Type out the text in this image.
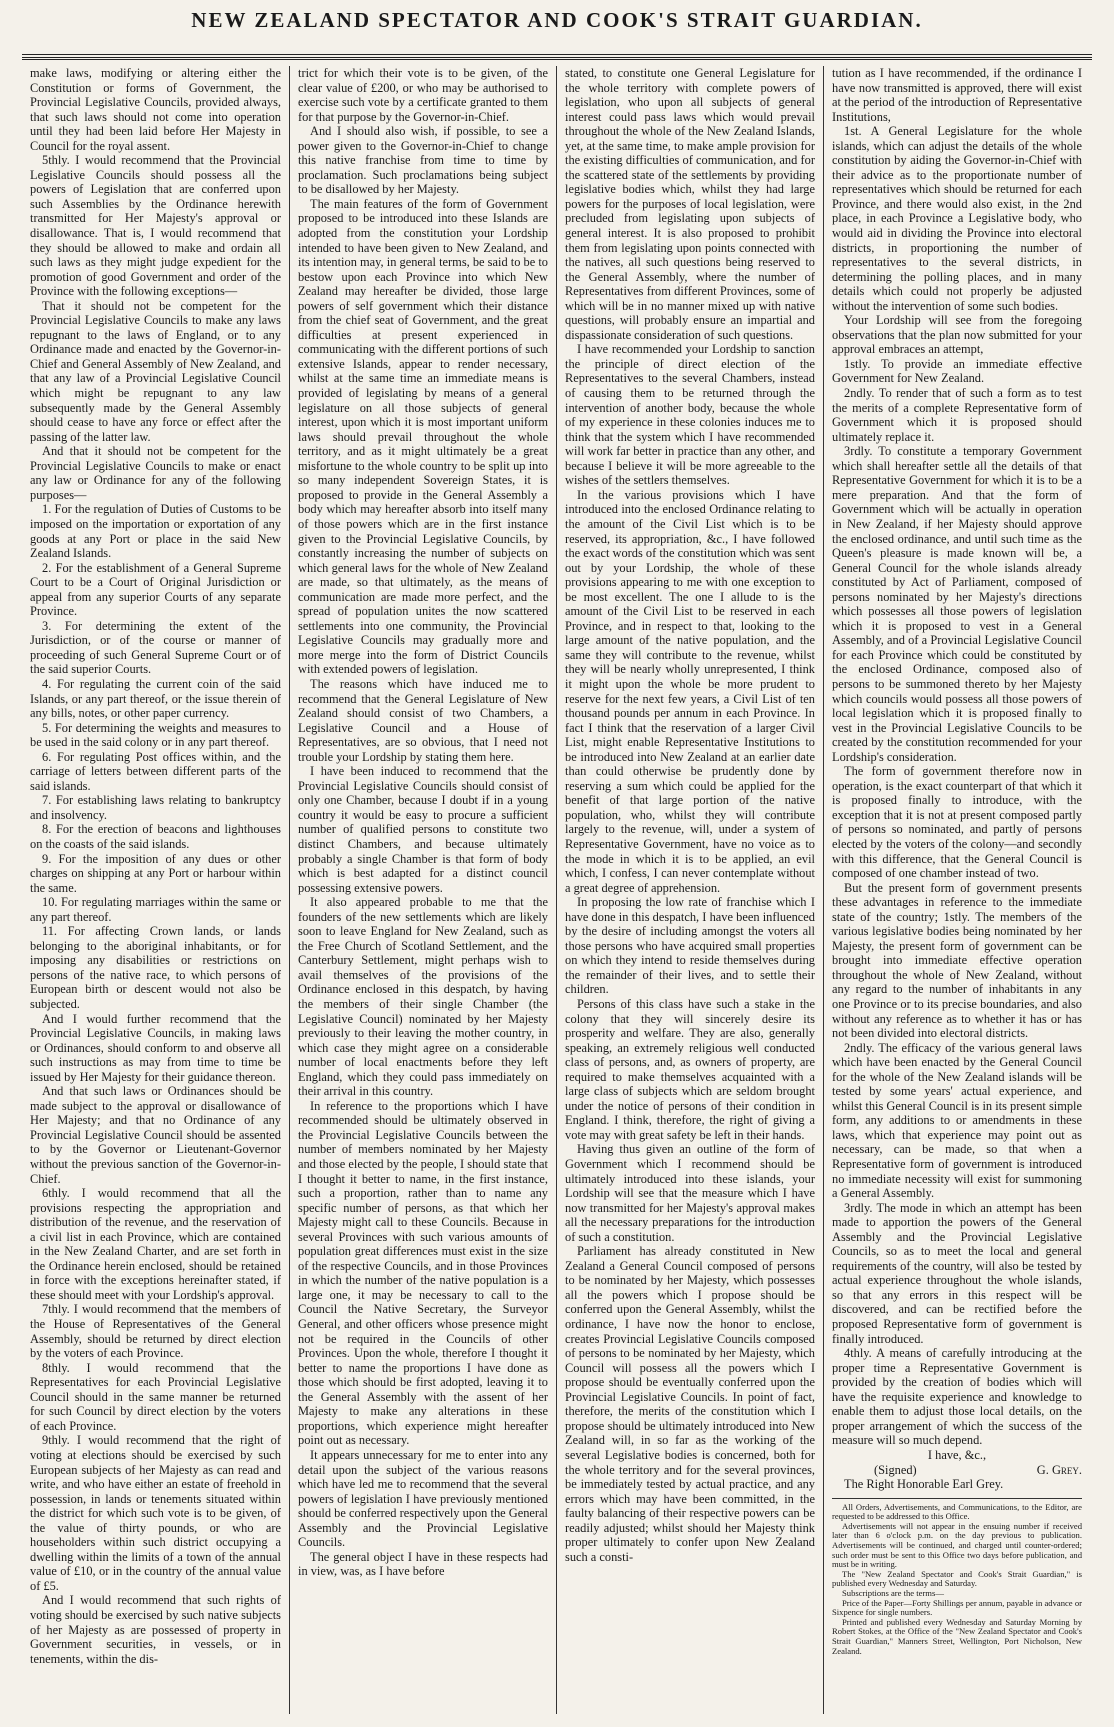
NEW ZEALAND SPECTATOR AND COOK'S STRAIT GUARDIAN.

make laws, modifying or altering either the Constitution or forms of Government, the Provincial Legislative Councils, provided always, that such laws should not come into operation until they had been laid before Her Majesty in Council for the royal assent.

5thly. I would recommend that the Provincial Legislative Councils should possess all the powers of Legislation that are conferred upon such Assemblies by the Ordinance herewith transmitted for Her Majesty's approval or disallowance. That is, I would recommend that they should be allowed to make and ordain all such laws as they might judge expedient for the promotion of good Government and order of the Province with the following exceptions—

That it should not be competent for the Provincial Legislative Councils to make any laws repugnant to the laws of England, or to any Ordinance made and enacted by the Governor-in-Chief and General Assembly of New Zealand, and that any law of a Provincial Legislative Council which might be repugnant to any law subsequently made by the General Assembly should cease to have any force or effect after the passing of the latter law.

And that it should not be competent for the Provincial Legislative Councils to make or enact any law or Ordinance for any of the following purposes—

1. For the regulation of Duties of Customs to be imposed on the importation or exportation of any goods at any Port or place in the said New Zealand Islands.

2. For the establishment of a General Supreme Court to be a Court of Original Jurisdiction or appeal from any superior Courts of any separate Province.

3. For determining the extent of the Jurisdiction, or of the course or manner of proceeding of such General Supreme Court or of the said superior Courts.

4. For regulating the current coin of the said Islands, or any part thereof, or the issue therein of any bills, notes, or other paper currency.

5. For determining the weights and measures to be used in the said colony or in any part thereof.

6. For regulating Post offices within, and the carriage of letters between different parts of the said islands.

7. For establishing laws relating to bankruptcy and insolvency.

8. For the erection of beacons and lighthouses on the coasts of the said islands.

9. For the imposition of any dues or other charges on shipping at any Port or harbour within the same.

10. For regulating marriages within the same or any part thereof.

11. For affecting Crown lands, or lands belonging to the aboriginal inhabitants, or for imposing any disabilities or restrictions on persons of the native race, to which persons of European birth or descent would not also be subjected.

And I would further recommend that the Provincial Legislative Councils, in making laws or Ordinances, should conform to and observe all such instructions as may from time to time be issued by Her Majesty for their guidance thereon.

And that such laws or Ordinances should be made subject to the approval or disallowance of Her Majesty; and that no Ordinance of any Provincial Legislative Council should be assented to by the Governor or Lieutenant-Governor without the previous sanction of the Governor-in-Chief.

6thly. I would recommend that all the provisions respecting the appropriation and distribution of the revenue, and the reservation of a civil list in each Province, which are contained in the New Zealand Charter, and are set forth in the Ordinance herein enclosed, should be retained in force with the exceptions hereinafter stated, if these should meet with your Lordship's approval.

7thly. I would recommend that the members of the House of Representatives of the General Assembly, should be returned by direct election by the voters of each Province.

8thly. I would recommend that the Representatives for each Provincial Legislative Council should in the same manner be returned for such Council by direct election by the voters of each Province.

9thly. I would recommend that the right of voting at elections should be exercised by such European subjects of her Majesty as can read and write, and who have either an estate of freehold in possession, in lands or tenements situated within the district for which such vote is to be given, of the value of thirty pounds, or who are householders within such district occupying a dwelling within the limits of a town of the annual value of £10, or in the country of the annual value of £5.

And I would recommend that such rights of voting should be exercised by such native subjects of her Majesty as are possessed of property in Government securities, in vessels, or in tenements, within the dis-

trict for which their vote is to be given, of the clear value of £200, or who may be authorised to exercise such vote by a certificate granted to them for that purpose by the Governor-in-Chief.

And I should also wish, if possible, to see a power given to the Governor-in-Chief to change this native franchise from time to time by proclamation. Such proclamations being subject to be disallowed by her Majesty.

The main features of the form of Government proposed to be introduced into these Islands are adopted from the constitution your Lordship intended to have been given to New Zealand, and its intention may, in general terms, be said to be to bestow upon each Province into which New Zealand may hereafter be divided, those large powers of self government which their distance from the chief seat of Government, and the great difficulties at present experienced in communicating with the different portions of such extensive Islands, appear to render necessary, whilst at the same time an immediate means is provided of legislating by means of a general legislature on all those subjects of general interest, upon which it is most important uniform laws should prevail throughout the whole territory, and as it might ultimately be a great misfortune to the whole country to be split up into so many independent Sovereign States, it is proposed to provide in the General Assembly a body which may hereafter absorb into itself many of those powers which are in the first instance given to the Provincial Legislative Councils, by constantly increasing the number of subjects on which general laws for the whole of New Zealand are made, so that ultimately, as the means of communication are made more perfect, and the spread of population unites the now scattered settlements into one community, the Provincial Legislative Councils may gradually more and more merge into the form of District Councils with extended powers of legislation.

The reasons which have induced me to recommend that the General Legislature of New Zealand should consist of two Chambers, a Legislative Council and a House of Representatives, are so obvious, that I need not trouble your Lordship by stating them here.

I have been induced to recommend that the Provincial Legislative Councils should consist of only one Chamber, because I doubt if in a young country it would be easy to procure a sufficient number of qualified persons to constitute two distinct Chambers, and because ultimately probably a single Chamber is that form of body which is best adapted for a distinct council possessing extensive powers.

It also appeared probable to me that the founders of the new settlements which are likely soon to leave England for New Zealand, such as the Free Church of Scotland Settlement, and the Canterbury Settlement, might perhaps wish to avail themselves of the provisions of the Ordinance enclosed in this despatch, by having the members of their single Chamber (the Legislative Council) nominated by her Majesty previously to their leaving the mother country, in which case they might agree on a considerable number of local enactments before they left England, which they could pass immediately on their arrival in this country.

In reference to the proportions which I have recommended should be ultimately observed in the Provincial Legislative Councils between the number of members nominated by her Majesty and those elected by the people, I should state that I thought it better to name, in the first instance, such a proportion, rather than to name any specific number of persons, as that which her Majesty might call to these Councils. Because in several Provinces with such various amounts of population great differences must exist in the size of the respective Councils, and in those Provinces in which the number of the native population is a large one, it may be necessary to call to the Council the Native Secretary, the Surveyor General, and other officers whose presence might not be required in the Councils of other Provinces. Upon the whole, therefore I thought it better to name the proportions I have done as those which should be first adopted, leaving it to the General Assembly with the assent of her Majesty to make any alterations in these proportions, which experience might hereafter point out as necessary.

It appears unnecessary for me to enter into any detail upon the subject of the various reasons which have led me to recommend that the several powers of legislation I have previously mentioned should be conferred respectively upon the General Assembly and the Provincial Legislative Councils.

The general object I have in these respects had in view, was, as I have before

stated, to constitute one General Legislature for the whole territory with complete powers of legislation, who upon all subjects of general interest could pass laws which would prevail throughout the whole of the New Zealand Islands, yet, at the same time, to make ample provision for the existing difficulties of communication, and for the scattered state of the settlements by providing legislative bodies which, whilst they had large powers for the purposes of local legislation, were precluded from legislating upon subjects of general interest. It is also proposed to prohibit them from legislating upon points connected with the natives, all such questions being reserved to the General Assembly, where the number of Representatives from different Provinces, some of which will be in no manner mixed up with native questions, will probably ensure an impartial and dispassionate consideration of such questions.

I have recommended your Lordship to sanction the principle of direct election of the Representatives to the several Chambers, instead of causing them to be returned through the intervention of another body, because the whole of my experience in these colonies induces me to think that the system which I have recommended will work far better in practice than any other, and because I believe it will be more agreeable to the wishes of the settlers themselves.

In the various provisions which I have introduced into the enclosed Ordinance relating to the amount of the Civil List which is to be reserved, its appropriation, &c., I have followed the exact words of the constitution which was sent out by your Lordship, the whole of these provisions appearing to me with one exception to be most excellent. The one I allude to is the amount of the Civil List to be reserved in each Province, and in respect to that, looking to the large amount of the native population, and the same they will contribute to the revenue, whilst they will be nearly wholly unrepresented, I think it might upon the whole be more prudent to reserve for the next few years, a Civil List of ten thousand pounds per annum in each Province. In fact I think that the reservation of a larger Civil List, might enable Representative Institutions to be introduced into New Zealand at an earlier date than could otherwise be prudently done by reserving a sum which could be applied for the benefit of that large portion of the native population, who, whilst they will contribute largely to the revenue, will, under a system of Representative Government, have no voice as to the mode in which it is to be applied, an evil which, I confess, I can never contemplate without a great degree of apprehension.

In proposing the low rate of franchise which I have done in this despatch, I have been influenced by the desire of including amongst the voters all those persons who have acquired small properties on which they intend to reside themselves during the remainder of their lives, and to settle their children.

Persons of this class have such a stake in the colony that they will sincerely desire its prosperity and welfare. They are also, generally speaking, an extremely religious well conducted class of persons, and, as owners of property, are required to make themselves acquainted with a large class of subjects which are seldom brought under the notice of persons of their condition in England. I think, therefore, the right of giving a vote may with great safety be left in their hands.

Having thus given an outline of the form of Government which I recommend should be ultimately introduced into these islands, your Lordship will see that the measure which I have now transmitted for her Majesty's approval makes all the necessary preparations for the introduction of such a constitution.

Parliament has already constituted in New Zealand a General Council composed of persons to be nominated by her Majesty, which possesses all the powers which I propose should be conferred upon the General Assembly, whilst the ordinance, I have now the honor to enclose, creates Provincial Legislative Councils composed of persons to be nominated by her Majesty, which Council will possess all the powers which I propose should be eventually conferred upon the Provincial Legislative Councils. In point of fact, therefore, the merits of the constitution which I propose should be ultimately introduced into New Zealand will, in so far as the working of the several Legislative bodies is concerned, both for the whole territory and for the several provinces, be immediately tested by actual practice, and any errors which may have been committed, in the faulty balancing of their respective powers can be readily adjusted; whilst should her Majesty think proper ultimately to confer upon New Zealand such a consti-

tution as I have recommended, if the ordinance I have now transmitted is approved, there will exist at the period of the introduction of Representative Institutions,

1st. A General Legislature for the whole islands, which can adjust the details of the whole constitution by aiding the Governor-in-Chief with their advice as to the proportionate number of representatives which should be returned for each Province, and there would also exist, in the 2nd place, in each Province a Legislative body, who would aid in dividing the Province into electoral districts, in proportioning the number of representatives to the several districts, in determining the polling places, and in many details which could not properly be adjusted without the intervention of some such bodies.

Your Lordship will see from the foregoing observations that the plan now submitted for your approval embraces an attempt,

1stly. To provide an immediate effective Government for New Zealand.

2ndly. To render that of such a form as to test the merits of a complete Representative form of Government which it is proposed should ultimately replace it.

3rdly. To constitute a temporary Government which shall hereafter settle all the details of that Representative Government for which it is to be a mere preparation. And that the form of Government which will be actually in operation in New Zealand, if her Majesty should approve the enclosed ordinance, and until such time as the Queen's pleasure is made known will be, a General Council for the whole islands already constituted by Act of Parliament, composed of persons nominated by her Majesty's directions which possesses all those powers of legislation which it is proposed to vest in a General Assembly, and of a Provincial Legislative Council for each Province which could be constituted by the enclosed Ordinance, composed also of persons to be summoned thereto by her Majesty which councils would possess all those powers of local legislation which it is proposed finally to vest in the Provincial Legislative Councils to be created by the constitution recommended for your Lordship's consideration.

The form of government therefore now in operation, is the exact counterpart of that which it is proposed finally to introduce, with the exception that it is not at present composed partly of persons so nominated, and partly of persons elected by the voters of the colony—and secondly with this difference, that the General Council is composed of one chamber instead of two.

But the present form of government presents these advantages in reference to the immediate state of the country; 1stly. The members of the various legislative bodies being nominated by her Majesty, the present form of government can be brought into immediate effective operation throughout the whole of New Zealand, without any regard to the number of inhabitants in any one Province or to its precise boundaries, and also without any reference as to whether it has or has not been divided into electoral districts.

2ndly. The efficacy of the various general laws which have been enacted by the General Council for the whole of the New Zealand islands will be tested by some years' actual experience, and whilst this General Council is in its present simple form, any additions to or amendments in these laws, which that experience may point out as necessary, can be made, so that when a Representative form of government is introduced no immediate necessity will exist for summoning a General Assembly.

3rdly. The mode in which an attempt has been made to apportion the powers of the General Assembly and the Provincial Legislative Councils, so as to meet the local and general requirements of the country, will also be tested by actual experience throughout the whole islands, so that any errors in this respect will be discovered, and can be rectified before the proposed Representative form of government is finally introduced.

4thly. A means of carefully introducing at the proper time a Representative Government is provided by the creation of bodies which will have the requisite experience and knowledge to enable them to adjust those local details, on the proper arrangement of which the success of the measure will so much depend.

I have, &c.,

(Signed)	G. Grey.

The Right Honorable Earl Grey.

All Orders, Advertisements, and Communications, to the Editor, are requested to be addressed to this Office.

Advertisements will not appear in the ensuing number if received later than 6 o'clock p.m. on the day previous to publication. Advertisements will be continued, and charged until counter-ordered; such order must be sent to this Office two days before publication, and must be in writing.

The "New Zealand Spectator and Cook's Strait Guardian," is published every Wednesday and Saturday.

Subscriptions are the terms—

Price of the Paper—Forty Shillings per annum, payable in advance or Sixpence for single numbers.

Printed and published every Wednesday and Saturday Morning by Robert Stokes, at the Office of the "New Zealand Spectator and Cook's Strait Guardian," Manners Street, Wellington, Port Nicholson, New Zealand.
